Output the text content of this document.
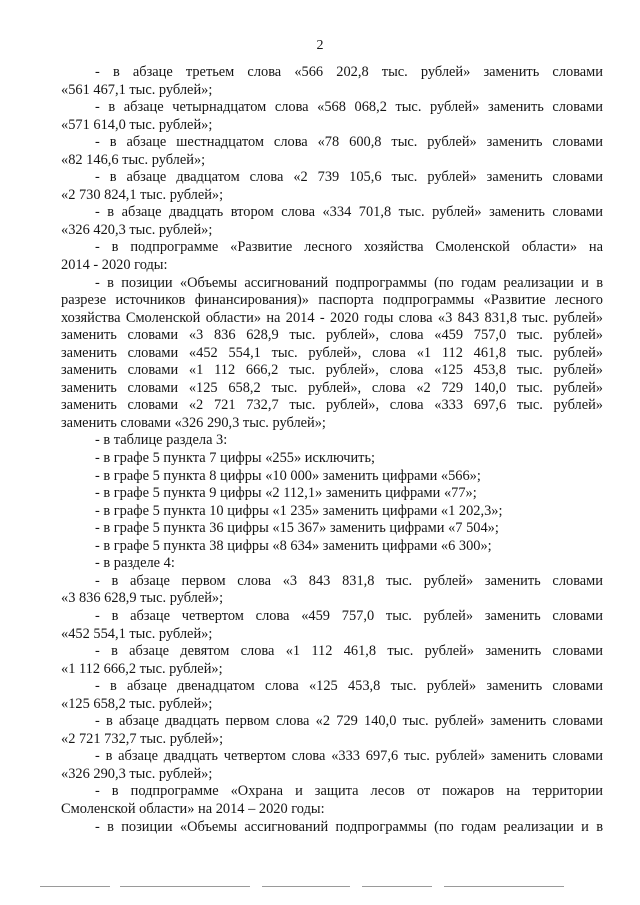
2
- в абзаце третьем слова «566 202,8 тыс. рублей» заменить словами
«561 467,1 тыс. рублей»;
- в абзаце четырнадцатом слова «568 068,2 тыс. рублей» заменить словами
«571 614,0 тыс. рублей»;
- в абзаце шестнадцатом слова «78 600,8 тыс. рублей» заменить словами
«82 146,6 тыс. рублей»;
- в абзаце двадцатом слова «2 739 105,6 тыс. рублей» заменить словами
«2 730 824,1 тыс. рублей»;
- в абзаце двадцать втором слова «334 701,8 тыс. рублей» заменить словами
«326 420,3 тыс. рублей»;
- в подпрограмме «Развитие лесного хозяйства Смоленской области» на
2014 - 2020 годы:
- в позиции «Объемы ассигнований подпрограммы (по годам реализации и в
разрезе источников финансирования)» паспорта подпрограммы «Развитие лесного
хозяйства Смоленской области» на 2014 - 2020 годы слова «3 843 831,8 тыс. рублей»
заменить словами «3 836 628,9 тыс. рублей», слова «459 757,0 тыс. рублей»
заменить словами «452 554,1 тыс. рублей», слова «1 112 461,8 тыс. рублей»
заменить словами «1 112 666,2 тыс. рублей», слова «125 453,8 тыс. рублей»
заменить словами «125 658,2 тыс. рублей», слова «2 729 140,0 тыс. рублей»
заменить словами «2 721 732,7 тыс. рублей», слова «333 697,6 тыс. рублей»
заменить словами «326 290,3 тыс. рублей»;
- в таблице раздела 3:
- в графе 5 пункта 7 цифры «255» исключить;
- в графе 5 пункта 8 цифры «10 000» заменить цифрами «566»;
- в графе 5 пункта 9 цифры «2 112,1» заменить цифрами «77»;
- в графе 5 пункта 10 цифры «1 235» заменить цифрами «1 202,3»;
- в графе 5 пункта 36 цифры «15 367» заменить цифрами «7 504»;
- в графе 5 пункта 38 цифры «8 634» заменить цифрами «6 300»;
- в разделе 4:
- в абзаце первом слова «3 843 831,8 тыс. рублей» заменить словами
«3 836 628,9 тыс. рублей»;
- в абзаце четвертом слова «459 757,0 тыс. рублей» заменить словами
«452 554,1 тыс. рублей»;
- в абзаце девятом слова «1 112 461,8 тыс. рублей» заменить словами
«1 112 666,2 тыс. рублей»;
- в абзаце двенадцатом слова «125 453,8 тыс. рублей» заменить словами
«125 658,2 тыс. рублей»;
- в абзаце двадцать первом слова «2 729 140,0 тыс. рублей» заменить словами
«2 721 732,7 тыс. рублей»;
- в абзаце двадцать четвертом слова «333 697,6 тыс. рублей» заменить словами
«326 290,3 тыс. рублей»;
- в подпрограмме «Охрана и защита лесов от пожаров на территории
Смоленской области» на 2014 – 2020 годы:
- в позиции «Объемы ассигнований подпрограммы (по годам реализации и в
